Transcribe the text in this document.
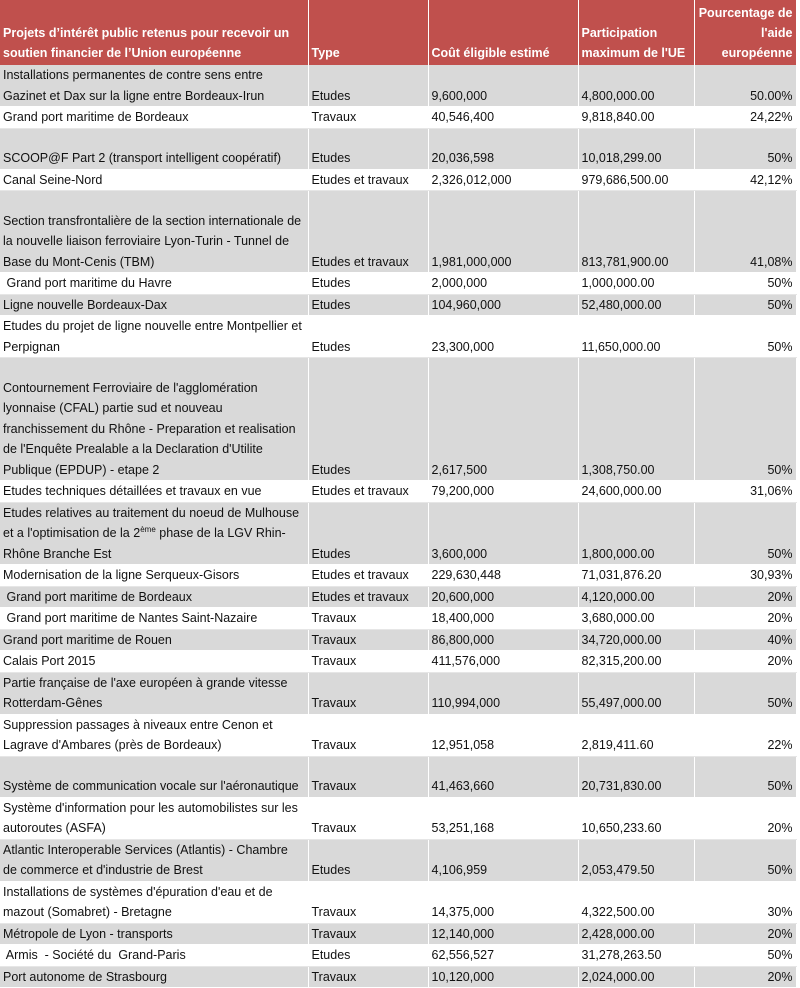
Projets d’intérêt public retenus pour recevoir un soutien financier de l’Union européenne	Type	Coût éligible estimé	Participation maximum de l'UE	Pourcentage de l'aide européenne
Installations permanentes de contre sens entre Gazinet et Dax sur la ligne entre Bordeaux-Irun	Etudes	9,600,000	4,800,000.00	50.00%
Grand port maritime de Bordeaux	Travaux	40,546,400	9,818,840.00	24,22%
SCOOP@F Part 2 (transport intelligent coopératif)	Etudes	20,036,598	10,018,299.00	50%
Canal Seine-Nord	Etudes et travaux	2,326,012,000	979,686,500.00	42,12%
Section transfrontalière de la section internationale de la nouvelle liaison ferroviaire Lyon-Turin - Tunnel de Base du Mont-Cenis (TBM)	Etudes et travaux	1,981,000,000	813,781,900.00	41,08%
Grand port maritime du Havre	Etudes	2,000,000	1,000,000.00	50%
Ligne nouvelle Bordeaux-Dax	Etudes	104,960,000	52,480,000.00	50%
Etudes du projet de ligne nouvelle entre Montpellier et Perpignan	Etudes	23,300,000	11,650,000.00	50%
Contournement Ferroviaire de l'agglomération lyonnaise (CFAL) partie sud et nouveau franchissement du Rhône - Preparation et realisation de l'Enquête Prealable a la Declaration d'Utilite Publique (EPDUP) - etape 2	Etudes	2,617,500	1,308,750.00	50%
Etudes techniques détaillées et travaux en vue	Etudes et travaux	79,200,000	24,600,000.00	31,06%
Etudes relatives au traitement du noeud de Mulhouse et a l'optimisation de la 2ème phase de la LGV Rhin-Rhône Branche Est	Etudes	3,600,000	1,800,000.00	50%
Modernisation de la ligne Serqueux-Gisors	Etudes et travaux	229,630,448	71,031,876.20	30,93%
Grand port maritime de Bordeaux	Etudes et travaux	20,600,000	4,120,000.00	20%
Grand port maritime de Nantes Saint-Nazaire	Travaux	18,400,000	3,680,000.00	20%
Grand port maritime de Rouen	Travaux	86,800,000	34,720,000.00	40%
Calais Port 2015	Travaux	411,576,000	82,315,200.00	20%
Partie française de l'axe européen à grande vitesse Rotterdam-Gênes	Travaux	110,994,000	55,497,000.00	50%
Suppression passages à niveaux entre Cenon et Lagrave d'Ambares (près de Bordeaux)	Travaux	12,951,058	2,819,411.60	22%
Système de communication vocale sur l'aéronautique	Travaux	41,463,660	20,731,830.00	50%
Système d'information pour les automobilistes sur les autoroutes (ASFA)	Travaux	53,251,168	10,650,233.60	20%
Atlantic Interoperable Services (Atlantis) - Chambre de commerce et d'industrie de Brest	Etudes	4,106,959	2,053,479.50	50%
Installations de systèmes d'épuration d'eau et de mazout (Somabret) - Bretagne	Travaux	14,375,000	4,322,500.00	30%
Métropole de Lyon - transports	Travaux	12,140,000	2,428,000.00	20%
Armis  - Société du  Grand-Paris	Etudes	62,556,527	31,278,263.50	50%
Port autonome de Strasbourg	Travaux	10,120,000	2,024,000.00	20%
